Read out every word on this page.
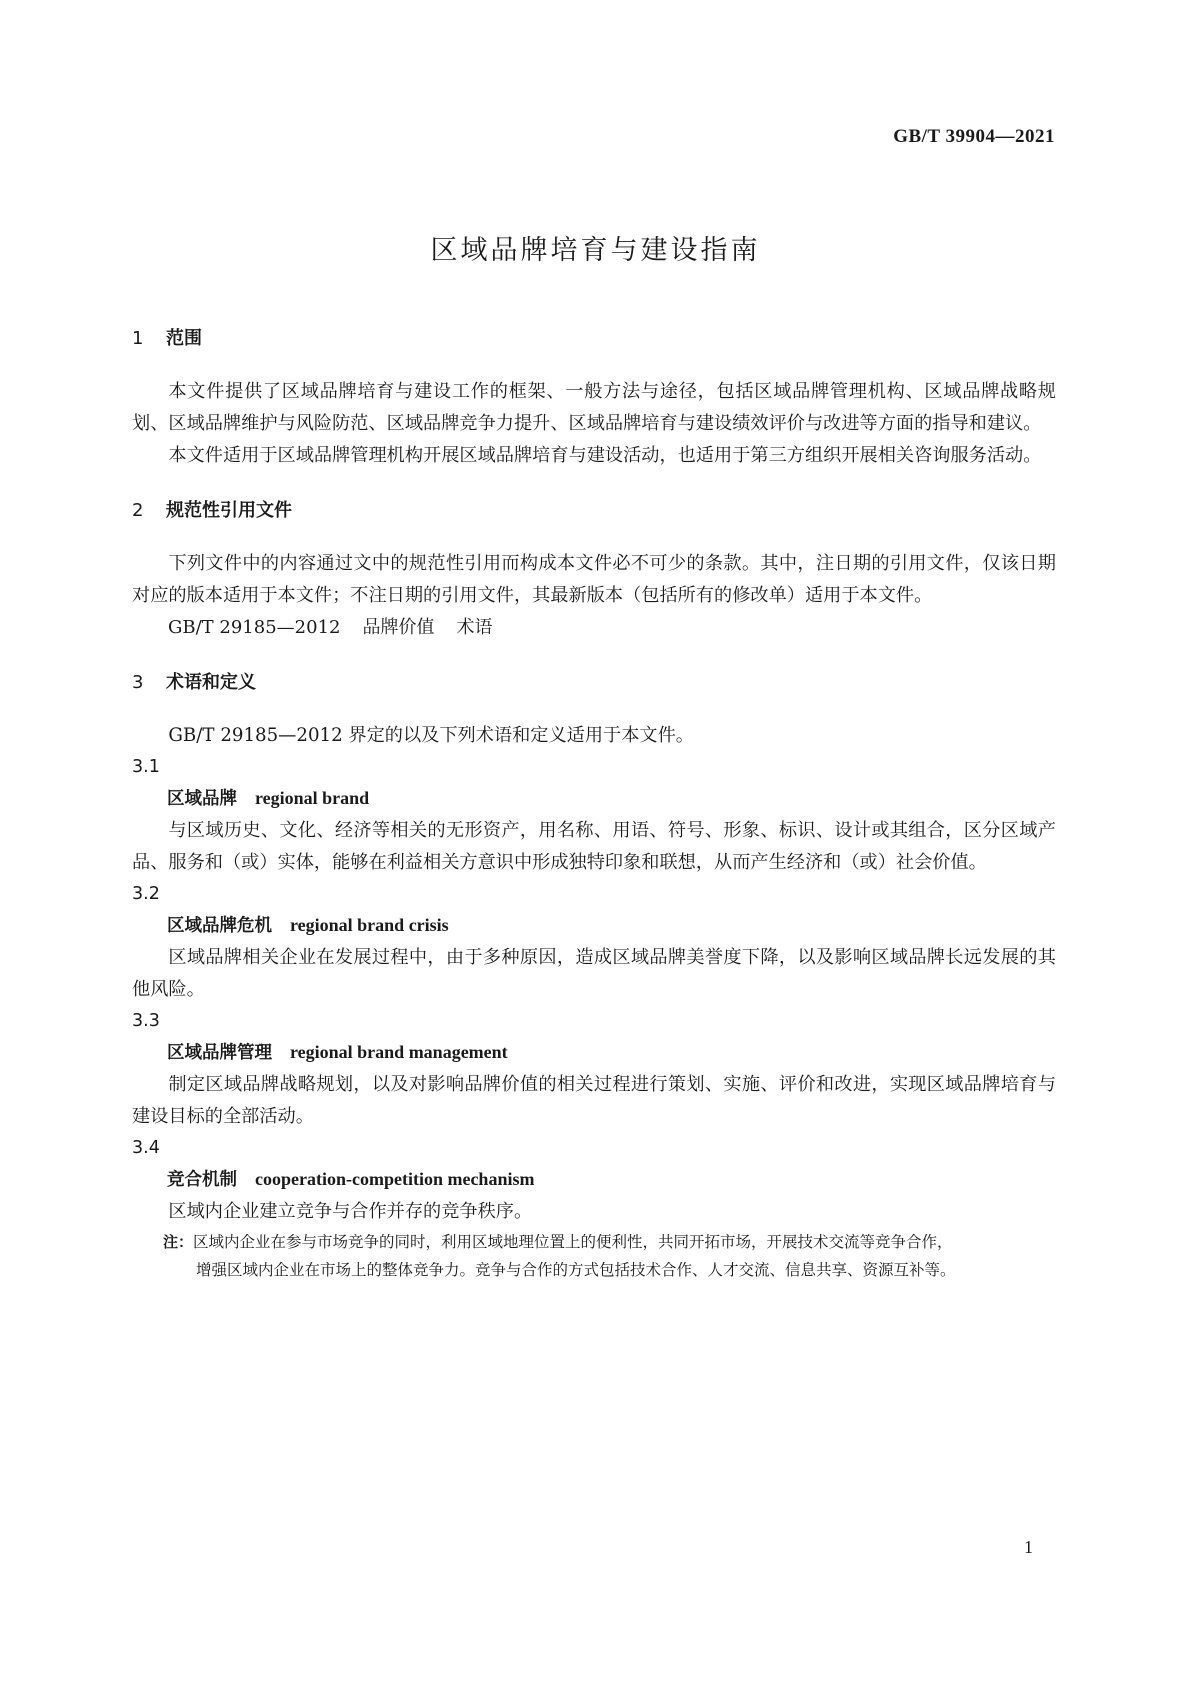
GB/T 39904—2021
区域品牌培育与建设指南
1 范围

本文件提供了区域品牌培育与建设工作的框架、一般方法与途径，包括区域品牌管理机构、区域品牌战略规划、区域品牌维护与风险防范、区域品牌竞争力提升、区域品牌培育与建设绩效评价与改进等方面的指导和建议。

本文件适用于区域品牌管理机构开展区域品牌培育与建设活动，也适用于第三方组织开展相关咨询服务活动。

2 规范性引用文件

下列文件中的内容通过文中的规范性引用而构成本文件必不可少的条款。其中，注日期的引用文件，仅该日期对应的版本适用于本文件；不注日期的引用文件，其最新版本（包括所有的修改单）适用于本文件。

GB/T 29185—2012 品牌价值 术语
3 术语和定义

GB/T 29185—2012 界定的以及下列术语和定义适用于本文件。

3.1
区域品牌 regional brand

与区域历史、文化、经济等相关的无形资产，用名称、用语、符号、形象、标识、设计或其组合，区分区域产品、服务和（或）实体，能够在利益相关方意识中形成独特印象和联想，从而产生经济和（或）社会价值。

3.2
区域品牌危机 regional brand crisis

区域品牌相关企业在发展过程中，由于多种原因，造成区域品牌美誉度下降，以及影响区域品牌长远发展的其他风险。

3.3
区域品牌管理 regional brand management

制定区域品牌战略规划，以及对影响品牌价值的相关过程进行策划、实施、评价和改进，实现区域品牌培育与建设目标的全部活动。

3.4
竞合机制 cooperation-competition mechanism

区域内企业建立竞争与合作并存的竞争秩序。

注：区域内企业在参与市场竞争的同时，利用区域地理位置上的便利性，共同开拓市场，开展技术交流等竞争合作，
增强区域内企业在市场上的整体竞争力。竞争与合作的方式包括技术合作、人才交流、信息共享、资源互补等。
1
